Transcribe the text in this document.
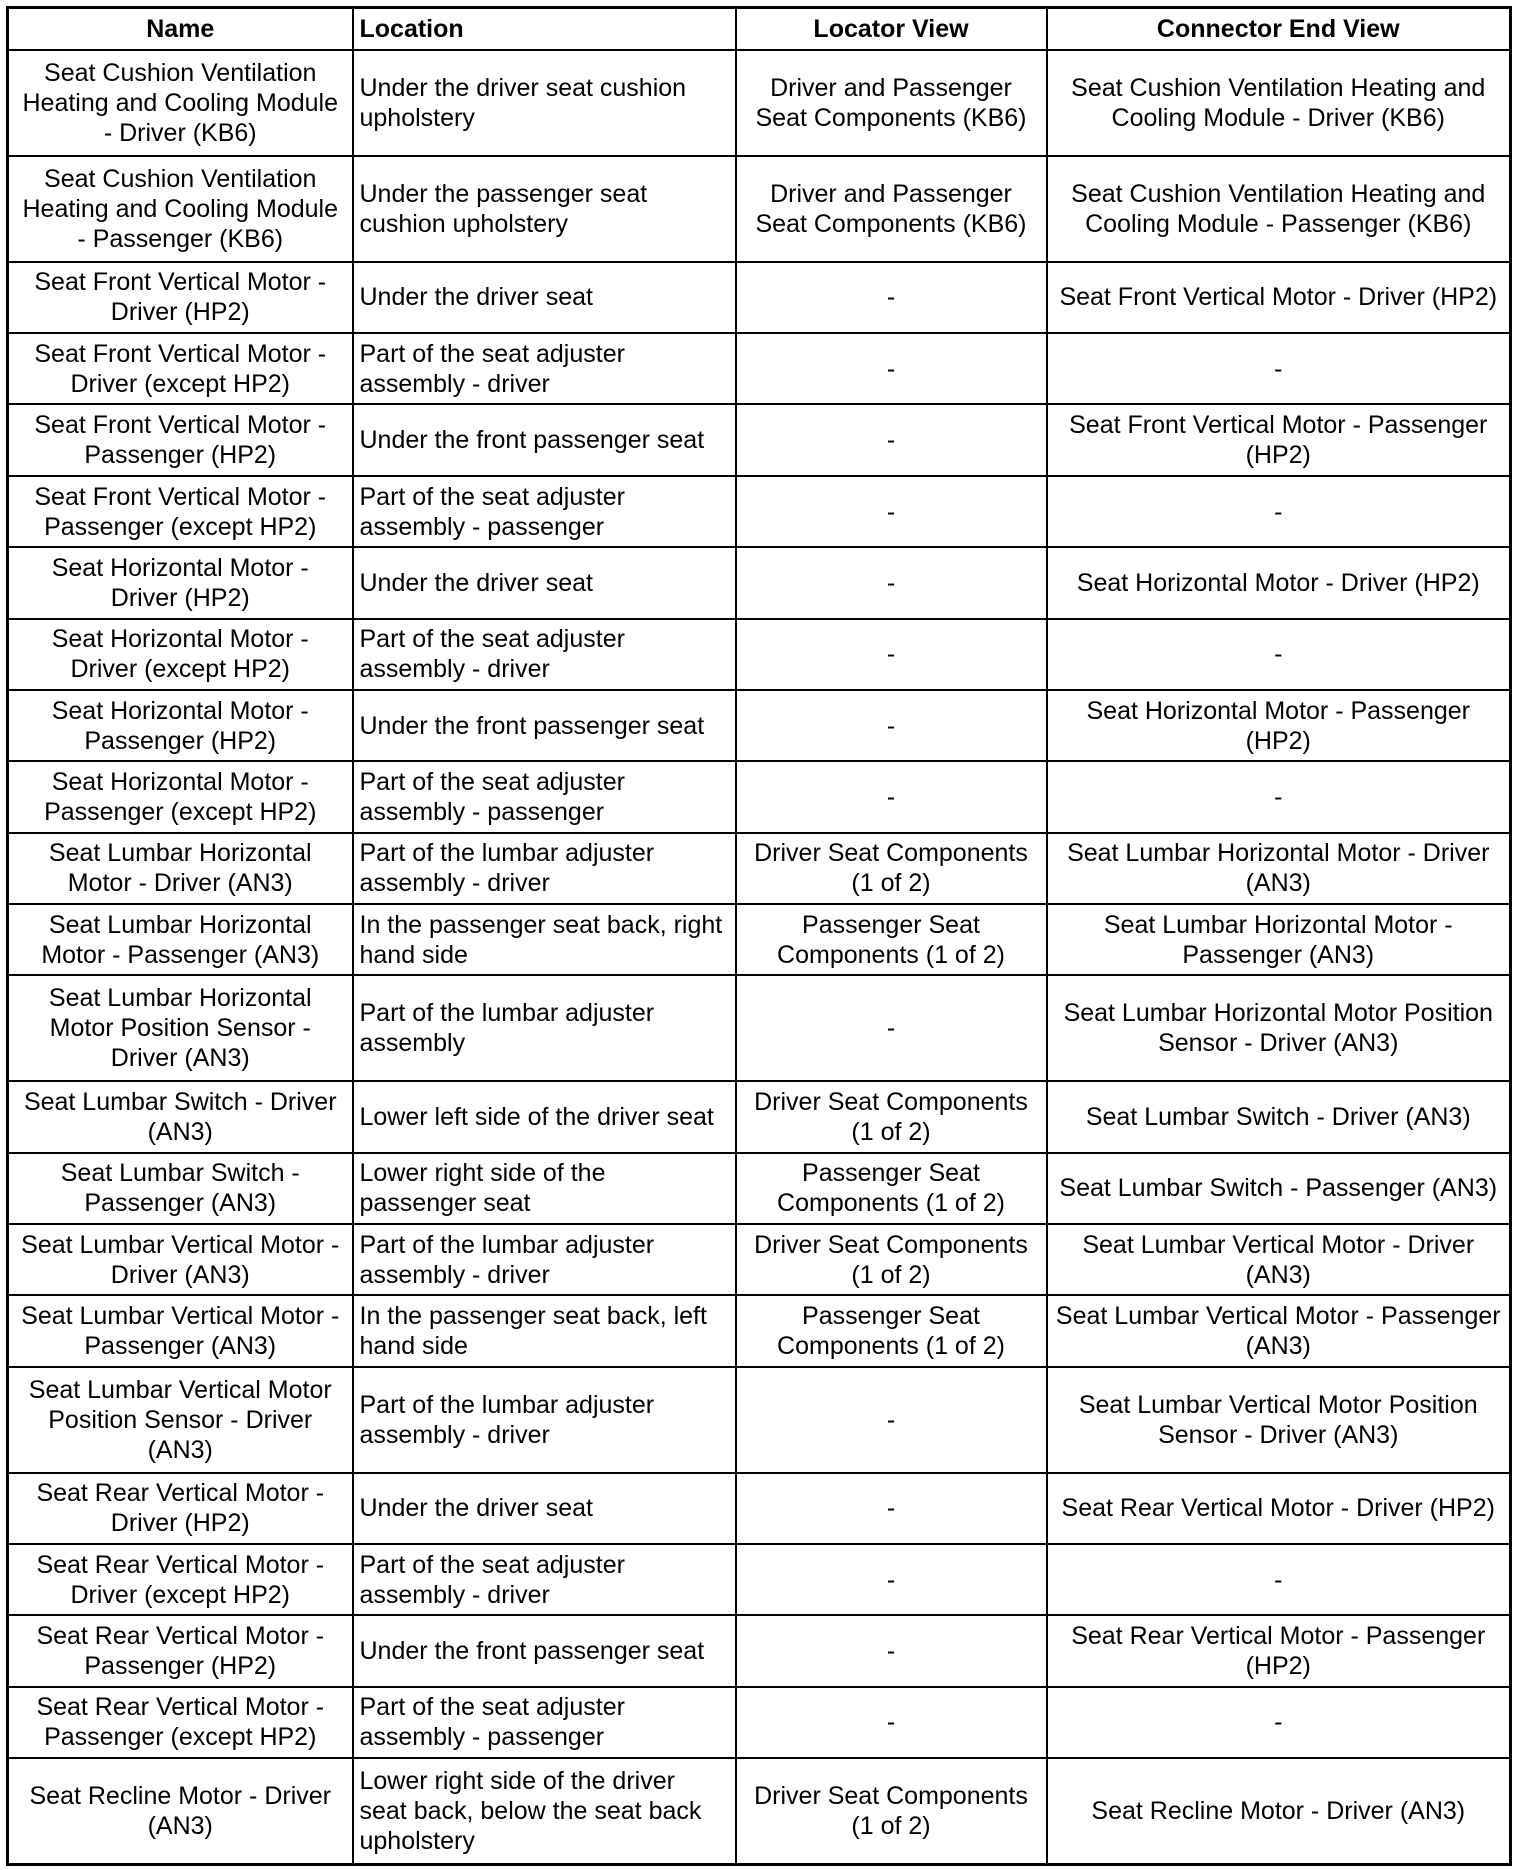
Name	Location	Locator View	Connector End View
Seat Cushion Ventilation Heating and Cooling Module - Driver (KB6)	Under the driver seat cushion upholstery	Driver and Passenger Seat Components (KB6)	Seat Cushion Ventilation Heating and Cooling Module - Driver (KB6)
Seat Cushion Ventilation Heating and Cooling Module - Passenger (KB6)	Under the passenger seat cushion upholstery	Driver and Passenger Seat Components (KB6)	Seat Cushion Ventilation Heating and Cooling Module - Passenger (KB6)
Seat Front Vertical Motor - Driver (HP2)	Under the driver seat	-	Seat Front Vertical Motor - Driver (HP2)
Seat Front Vertical Motor - Driver (except HP2)	Part of the seat adjuster assembly - driver	-	-
Seat Front Vertical Motor - Passenger (HP2)	Under the front passenger seat	-	Seat Front Vertical Motor - Passenger (HP2)
Seat Front Vertical Motor - Passenger (except HP2)	Part of the seat adjuster assembly - passenger	-	-
Seat Horizontal Motor - Driver (HP2)	Under the driver seat	-	Seat Horizontal Motor - Driver (HP2)
Seat Horizontal Motor - Driver (except HP2)	Part of the seat adjuster assembly - driver	-	-
Seat Horizontal Motor - Passenger (HP2)	Under the front passenger seat	-	Seat Horizontal Motor - Passenger (HP2)
Seat Horizontal Motor - Passenger (except HP2)	Part of the seat adjuster assembly - passenger	-	-
Seat Lumbar Horizontal Motor - Driver (AN3)	Part of the lumbar adjuster assembly - driver	Driver Seat Components (1 of 2)	Seat Lumbar Horizontal Motor - Driver (AN3)
Seat Lumbar Horizontal Motor - Passenger (AN3)	In the passenger seat back, right hand side	Passenger Seat Components (1 of 2)	Seat Lumbar Horizontal Motor - Passenger (AN3)
Seat Lumbar Horizontal Motor Position Sensor - Driver (AN3)	Part of the lumbar adjuster assembly	-	Seat Lumbar Horizontal Motor Position Sensor - Driver (AN3)
Seat Lumbar Switch - Driver (AN3)	Lower left side of the driver seat	Driver Seat Components (1 of 2)	Seat Lumbar Switch - Driver (AN3)
Seat Lumbar Switch - Passenger (AN3)	Lower right side of the passenger seat	Passenger Seat Components (1 of 2)	Seat Lumbar Switch - Passenger (AN3)
Seat Lumbar Vertical Motor - Driver (AN3)	Part of the lumbar adjuster assembly - driver	Driver Seat Components (1 of 2)	Seat Lumbar Vertical Motor - Driver (AN3)
Seat Lumbar Vertical Motor - Passenger (AN3)	In the passenger seat back, left hand side	Passenger Seat Components (1 of 2)	Seat Lumbar Vertical Motor - Passenger (AN3)
Seat Lumbar Vertical Motor Position Sensor - Driver (AN3)	Part of the lumbar adjuster assembly - driver	-	Seat Lumbar Vertical Motor Position Sensor - Driver (AN3)
Seat Rear Vertical Motor - Driver (HP2)	Under the driver seat	-	Seat Rear Vertical Motor - Driver (HP2)
Seat Rear Vertical Motor - Driver (except HP2)	Part of the seat adjuster assembly - driver	-	-
Seat Rear Vertical Motor - Passenger (HP2)	Under the front passenger seat	-	Seat Rear Vertical Motor - Passenger (HP2)
Seat Rear Vertical Motor - Passenger (except HP2)	Part of the seat adjuster assembly - passenger	-	-
Seat Recline Motor - Driver (AN3)	Lower right side of the driver seat back, below the seat back upholstery	Driver Seat Components (1 of 2)	Seat Recline Motor - Driver (AN3)
